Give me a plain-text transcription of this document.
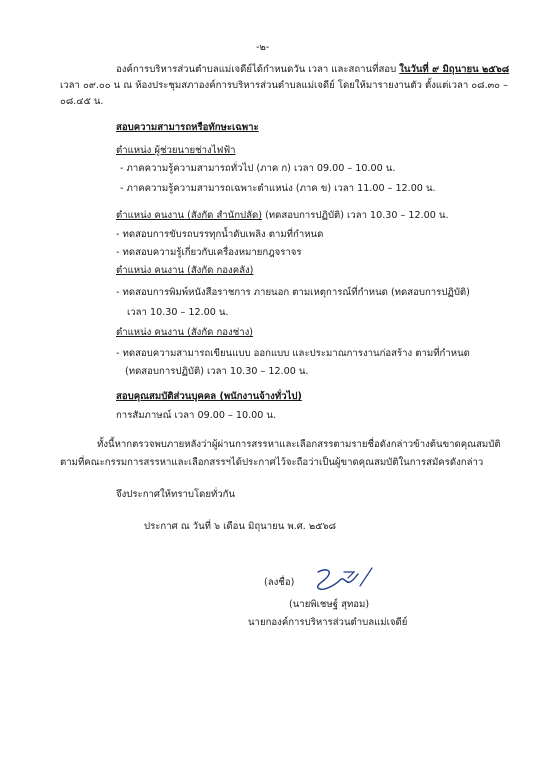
-๒-
องค์การบริหารส่วนตำบลแม่เจดีย์ได้กำหนดวัน เวลา และสถานที่สอบ ในวันที่ ๙ มิถุนายน ๒๕๖๘
เวลา ๐๙.๐๐ น ณ ห้องประชุมสภาองค์การบริหารส่วนตำบลแม่เจดีย์ โดยให้มารายงานตัว ตั้งแต่เวลา ๐๘.๓๐ –
๐๘.๔๕ น.
สอบความสามารถหรือทักษะเฉพาะ
ตำแหน่ง ผู้ช่วยนายช่างไฟฟ้า
- ภาคความรู้ความสามารถทั่วไป (ภาค ก) เวลา 09.00 – 10.00 น.
- ภาคความรู้ความสามารถเฉพาะตำแหน่ง (ภาค ข) เวลา 11.00 – 12.00 น.
ตำแหน่ง คนงาน (สังกัด สำนักปลัด) (ทดสอบการปฏิบัติ) เวลา 10.30 – 12.00 น.
- ทดสอบการขับรถบรรทุกน้ำดับเพลิง ตามที่กำหนด
- ทดสอบความรู้เกี่ยวกับเครื่องหมายกฎจราจร
ตำแหน่ง คนงาน (สังกัด กองคลัง)
- ทดสอบการพิมพ์หนังสือราชการ ภายนอก ตามเหตุการณ์ที่กำหนด (ทดสอบการปฏิบัติ)
เวลา 10.30 – 12.00 น.
ตำแหน่ง คนงาน (สังกัด กองช่าง)
- ทดสอบความสามารถเขียนแบบ ออกแบบ และประมาณการงานก่อสร้าง ตามที่กำหนด
(ทดสอบการปฏิบัติ) เวลา 10.30 – 12.00 น.
สอบคุณสมบัติส่วนบุคคล (พนักงานจ้างทั่วไป)
การสัมภาษณ์ เวลา 09.00 – 10.00 น.
ทั้งนี้หากตรวจพบภายหลังว่าผู้ผ่านการสรรหาและเลือกสรรตามรายชื่อดังกล่าวข้างต้นขาดคุณสมบัติ
ตามที่คณะกรรมการสรรหาและเลือกสรรฯได้ประกาศไว้จะถือว่าเป็นผู้ขาดคุณสมบัติในการสมัครดังกล่าว
จึงประกาศให้ทราบโดยทั่วกัน
ประกาศ ณ วันที่ ๖ เดือน มิถุนายน พ.ศ. ๒๕๖๘
(ลงชื่อ)
(นายพิเชษฐ์ สุทอม)
นายกองค์การบริหารส่วนตำบลแม่เจดีย์
